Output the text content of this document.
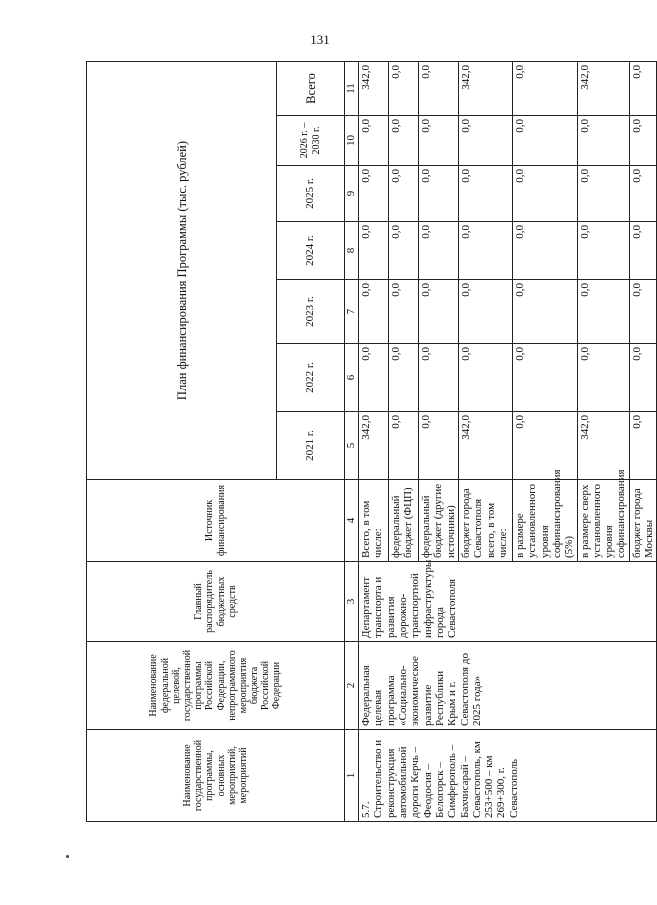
131
Наименование государственной программы, основных мероприятий, мероприятий	Наименование федеральной целевой, государственной программы Российской Федерации, непрограммного мероприятия бюджета Российской Федерации	Главный распорядитель бюджетных средств	Источник финансирования	План финансирования Программы (тыс. рублей)						
				2021 г.	2022 г.	2023 г.	2024 г.	2025 г.	2026 г. – 2030 г.	Всего
1	2	3	4	5	6	7	8	9	10	11
5.7. Строительство и реконструкция автомобильной дороги Керчь – Феодосия – Белогорск – Симферополь – Бахчисарай – Севастополь, км 253+500 – км 269+300, г. Севастополь	Федеральная целевая программа «Социально-экономическое развитие Республики Крым и г. Севастополя до 2025 года»	Департамент транспорта и развития дорожно-транспортной инфраструктуры города Севастополя	Всего, в том числе:	342,0	0,0	0,0	0,0	0,0	0,0	342,0
			федеральный бюджет (ФЦП)	0,0	0,0	0,0	0,0	0,0	0,0	0,0
			федеральный бюджет (другие источники)	0,0	0,0	0,0	0,0	0,0	0,0	0,0
			бюджет города Севастополя всего, в том числе:	342,0	0,0	0,0	0,0	0,0	0,0	342,0
			в размере установленного уровня софинансирования (5%)	0,0	0,0	0,0	0,0	0,0	0,0	0,0
			в размере сверх установленного уровня софинансирования	342,0	0,0	0,0	0,0	0,0	0,0	342,0
			бюджет города Москвы	0,0	0,0	0,0	0,0	0,0	0,0	0,0
